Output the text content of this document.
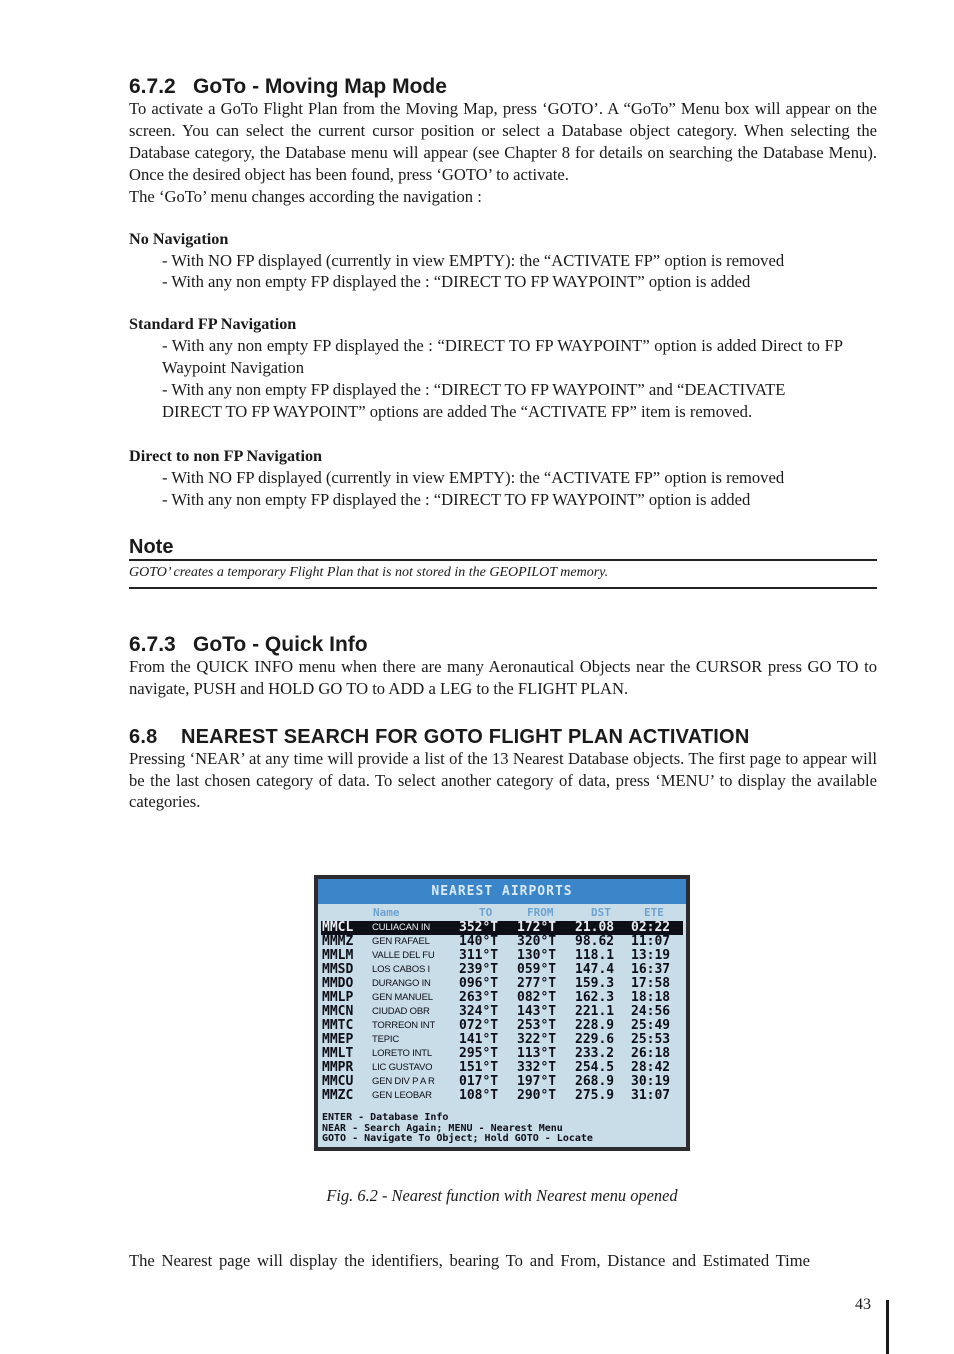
6.7.2 GoTo - Moving Map Mode

To activate a GoTo Flight Plan from the Moving Map, press ‘GOTO’. A “GoTo” Menu box will appear on the screen. You can select the current cursor position or select a Database object category. When selecting the Database category, the Database menu will appear (see Chapter 8 for details on searching the Database Menu). Once the desired object has been found, press ‘GOTO’ to activate.

The ‘GoTo’ menu changes according the navigation :

No Navigation

- With NO FP displayed (currently in view EMPTY): the “ACTIVATE FP” option is removed

- With any non empty FP displayed the : “DIRECT TO FP WAYPOINT” option is added

Standard FP Navigation

- With any non empty FP displayed the : “DIRECT TO FP WAYPOINT” option is added Direct to FP Waypoint Navigation

- With any non empty FP displayed the : “DIRECT TO FP WAYPOINT” and “DEACTIVATE DIRECT TO FP WAYPOINT” options are added The “ACTIVATE FP” item is removed.

Direct to non FP Navigation

- With NO FP displayed (currently in view EMPTY): the “ACTIVATE FP” option is removed

- With any non empty FP displayed the : “DIRECT TO FP WAYPOINT” option is added

Note
GOTO’ creates a temporary Flight Plan that is not stored in the GEOPILOT memory.
6.7.3 GoTo - Quick Info

From the QUICK INFO menu when there are many Aeronautical Objects near the CURSOR press GO TO to navigate, PUSH and HOLD GO TO to ADD a LEG to the FLIGHT PLAN.

6.8 NEAREST SEARCH FOR GOTO FLIGHT PLAN ACTIVATION

Pressing ‘NEAR’ at any time will provide a list of the 13 Nearest Database objects. The first page to appear will be the last chosen category of data. To select another category of data, press ‘MENU’ to display the available categories.

NEAREST AIRPORTS
Name	TO	FROM	DST	ETE
MMCL CULIACAN IN 352°T 172°T 21.08 02:22
MMMZ GEN RAFAEL 140°T 320°T 98.62 11:07
MMLM VALLE DEL FU 311°T 130°T 118.1 13:19
MMSD LOS CABOS I 239°T 059°T 147.4 16:37
MMDO DURANGO IN 096°T 277°T 159.3 17:58
MMLP GEN MANUEL 263°T 082°T 162.3 18:18
MMCN CIUDAD OBR 324°T 143°T 221.1 24:56
MMTC TORREON INT 072°T 253°T 228.9 25:49
MMEP TEPIC	141°T 322°T 229.6 25:53
MMLT LORETO INTL 295°T 113°T 233.2 26:18
MMPR LIC GUSTAVO 151°T 332°T 254.5 28:42
MMCU GEN DIV P A R 017°T 197°T 268.9 30:19
MMZC GEN LEOBAR 108°T 290°T 275.9 31:07
ENTER - Database Info
NEAR - Search Again; MENU - Nearest Menu
GOTO - Navigate To Object; Hold GOTO - Locate
Fig. 6.2 - Nearest function with Nearest menu opened
The Nearest page will display the identifiers, bearing To and From, Distance and Estimated Time
43
